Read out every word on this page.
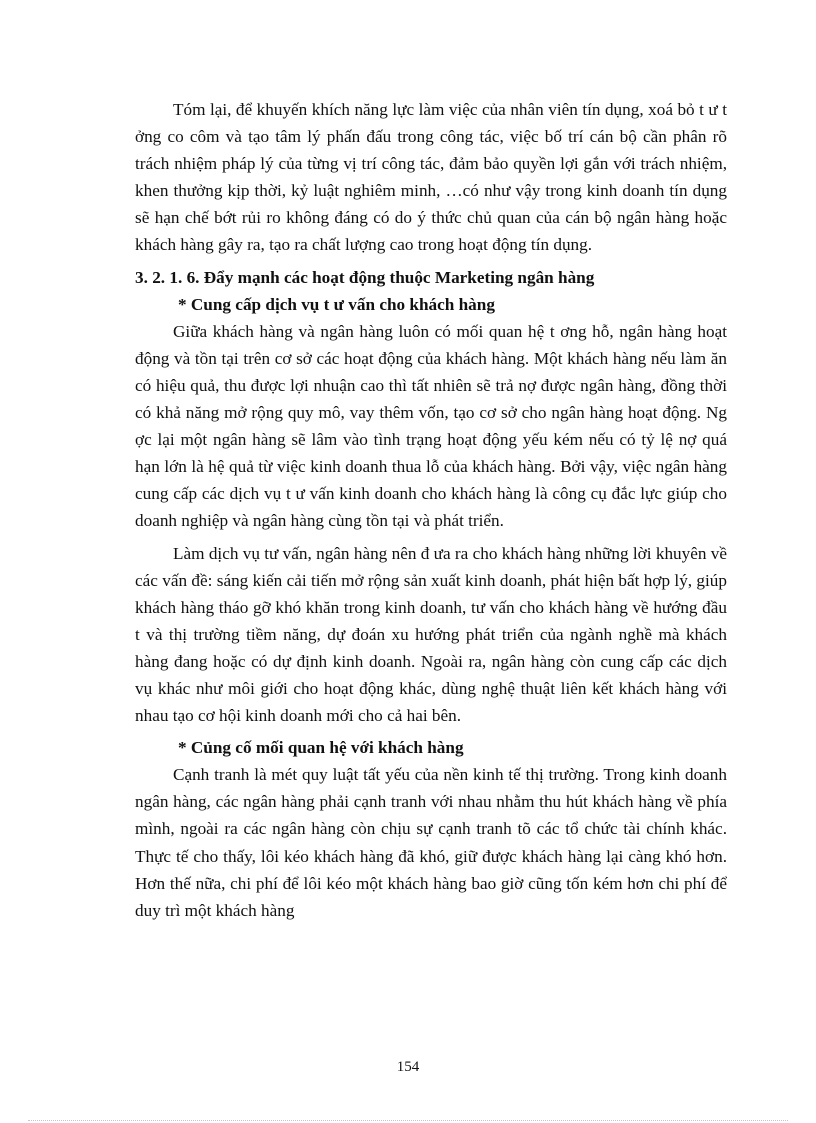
Tóm lại, để khuyến khích năng lực làm việc của nhân viên tín dụng, xoá bỏ t ư t ởng co côm và tạo tâm lý phấn đấu trong công tác, việc bố trí cán bộ cần phân rõ trách nhiệm pháp lý của từng vị trí công tác, đảm bảo quyền lợi gắn với trách nhiệm, khen thưởng kịp thời, kỷ luật nghiêm minh, …có như vậy trong kinh doanh tín dụng sẽ hạn chế bớt rủi ro không đáng có do ý thức chủ quan của cán bộ ngân hàng hoặc khách hàng gây ra, tạo ra chất lượng cao trong hoạt động tín dụng.

3. 2. 1. 6. Đẩy mạnh các hoạt động thuộc Marketing ngân hàng

* Cung cấp dịch vụ t ư vấn cho khách hàng

Giữa khách hàng và ngân hàng luôn có mối quan hệ t ơng hỗ, ngân hàng hoạt động và tồn tại trên cơ sở các hoạt động của khách hàng. Một khách hàng nếu làm ăn có hiệu quả, thu được lợi nhuận cao thì tất nhiên sẽ trả nợ được ngân hàng, đồng thời có khả năng mở rộng quy mô, vay thêm vốn, tạo cơ sở cho ngân hàng hoạt động. Ng ợc lại một ngân hàng sẽ lâm vào tình trạng hoạt động yếu kém nếu có tỷ lệ nợ quá hạn lớn là hệ quả từ việc kinh doanh thua lỗ của khách hàng. Bởi vậy, việc ngân hàng cung cấp các dịch vụ t ư vấn kinh doanh cho khách hàng là công cụ đắc lực giúp cho doanh nghiệp và ngân hàng cùng tồn tại và phát triển.

Làm dịch vụ tư vấn, ngân hàng nên đ ưa ra cho khách hàng những lời khuyên về các vấn đề: sáng kiến cải tiến mở rộng sản xuất kinh doanh, phát hiện bất hợp lý, giúp khách hàng tháo gỡ khó khăn trong kinh doanh, tư vấn cho khách hàng về hướng đầu t và thị trường tiềm năng, dự đoán xu hướng phát triển của ngành nghề mà khách hàng đang hoặc có dự định kinh doanh. Ngoài ra, ngân hàng còn cung cấp các dịch vụ khác như môi giới cho hoạt động khác, dùng nghệ thuật liên kết khách hàng với nhau tạo cơ hội kinh doanh mới cho cả hai bên.

* Củng cố mối quan hệ với khách hàng

Cạnh tranh là mét quy luật tất yếu của nền kinh tế thị trường. Trong kinh doanh ngân hàng, các ngân hàng phải cạnh tranh với nhau nhằm thu hút khách hàng về phía mình, ngoài ra các ngân hàng còn chịu sự cạnh tranh tõ các tổ chức tài chính khác. Thực tế cho thấy, lôi kéo khách hàng đã khó, giữ được khách hàng lại càng khó hơn. Hơn thế nữa, chi phí để lôi kéo một khách hàng bao giờ cũng tốn kém hơn chi phí để duy trì một khách hàng

154
